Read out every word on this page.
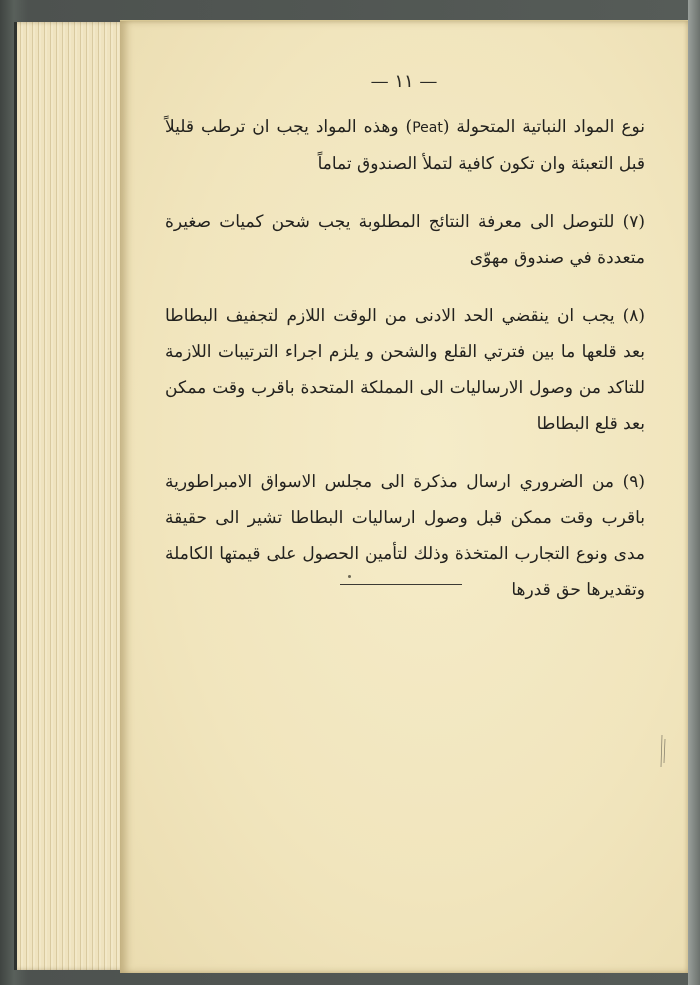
— ١١ —

نوع المواد النباتية المتحولة (Peat) وهذه المواد يجب ان ترطب قليلاً قبل التعبئة وان تكون كافية لتملأ الصندوق تماماً

(٧) للتوصل الى معرفة النتائج المطلوبة يجب شحن كميات صغيرة متعددة في صندوق مهوّى

(٨) يجب ان ينقضي الحد الادنى من الوقت اللازم لتجفيف البطاطا بعد قلعها ما بين فترتي القلع والشحن و يلزم اجراء الترتيبات اللازمة للتاكد من وصول الارساليات الى المملكة المتحدة باقرب وقت ممكن بعد قلع البطاطا

(٩) من الضروري ارسال مذكرة الى مجلس الاسواق الامبراطورية باقرب وقت ممكن قبل وصول ارساليات البطاطا تشير الى حقيقة مدى ونوع التجارب المتخذة وذلك لتأمين الحصول على قيمتها الكاملة وتقديرها حق قدرها
